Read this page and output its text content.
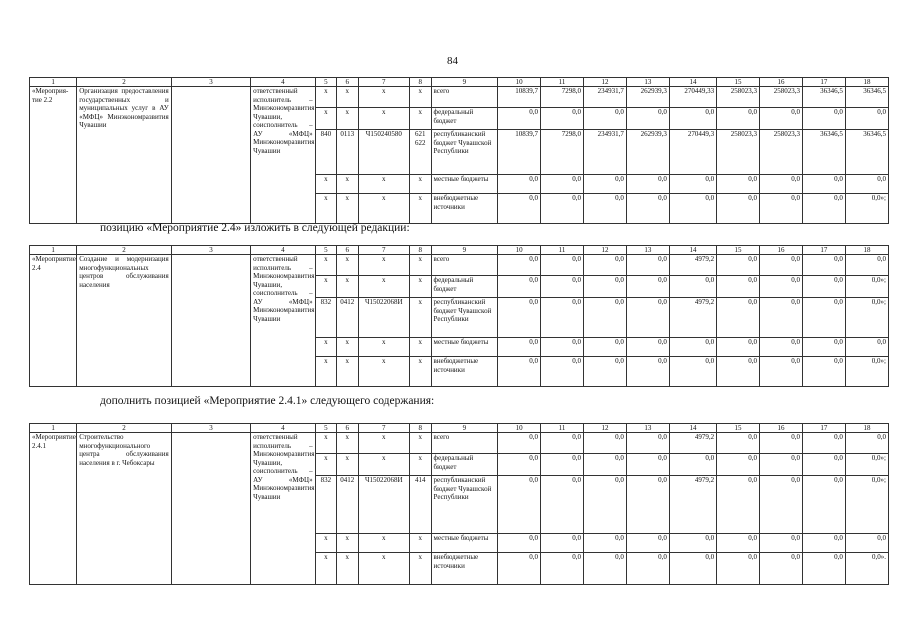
84
1	2	3	4	5	6	7	8	9	10	11	12	13	14	15	16	17	18
«Мероприя-тие 2.2	Организация предоставления государственных и муниципальных услуг в АУ «МФЦ» Минэкономразвития Чувашии		ответственный исполнитель – Минэкономразвития Чувашии, соисполнитель – АУ «МФЦ» Минэкономразвития Чувашии	x	x	x	x	всего	10839,7	7298,0	234931,7	262939,3	270449,33	258023,3	258023,3	36346,5	36346,5
				x	x	x	x	федеральный бюджет	0,0	0,0	0,0	0,0	0,0	0,0	0,0	0,0	0,0
				840	0113	Ч150240580	621 622	республиканский бюджет Чувашской Республики	10839,7	7298,0	234931,7	262939,3	270449,3	258023,3	258023,3	36346,5	36346,5
				x	x	x	x	местные бюджеты	0,0	0,0	0,0	0,0	0,0	0,0	0,0	0,0	0,0
				x	x	x	x	внебюджетные источники	0,0	0,0	0,0	0,0	0,0	0,0	0,0	0,0	0,0»;
позицию «Мероприятие 2.4» изложить в следующей редакции:
1	2	3	4	5	6	7	8	9	10	11	12	13	14	15	16	17	18
«Мероприятие 2.4	Создание и модернизация многофункциональных центров обслуживания населения		ответственный исполнитель – Минэкономразвития Чувашии, соисполнитель – АУ «МФЦ» Минэкономразвития Чувашии	x	x	x	x	всего	0,0	0,0	0,0	0,0	4979,2	0,0	0,0	0,0	0,0
				x	x	x	x	федеральный бюджет	0,0	0,0	0,0	0,0	0,0	0,0	0,0	0,0	0,0»;
				832	0412	Ч15022068И	x	республиканский бюджет Чувашской Республики	0,0	0,0	0,0	0,0	4979,2	0,0	0,0	0,0	0,0»;
				x	x	x	x	местные бюджеты	0,0	0,0	0,0	0,0	0,0	0,0	0,0	0,0	0,0
				x	x	x	x	внебюджетные источники	0,0	0,0	0,0	0,0	0,0	0,0	0,0	0,0	0,0»;
дополнить позицией «Мероприятие 2.4.1» следующего содержания:
1	2	3	4	5	6	7	8	9	10	11	12	13	14	15	16	17	18
«Мероприятие 2.4.1	Строительство многофункционального центра обслуживания населения в г. Чебоксары		ответственный исполнитель – Минэкономразвития Чувашии, соисполнитель – АУ «МФЦ» Минэкономразвития Чувашии	x	x	x	x	всего	0,0	0,0	0,0	0,0	4979,2	0,0	0,0	0,0	0,0
				x	x	x	x	федеральный бюджет	0,0	0,0	0,0	0,0	0,0	0,0	0,0	0,0	0,0»;
				832	0412	Ч15022068И	414	республиканский бюджет Чувашской Республики	0,0	0,0	0,0	0,0	4979,2	0,0	0,0	0,0	0,0»;
				x	x	x	x	местные бюджеты	0,0	0,0	0,0	0,0	0,0	0,0	0,0	0,0	0,0
				x	x	x	x	внебюджетные источники	0,0	0,0	0,0	0,0	0,0	0,0	0,0	0,0	0,0».
